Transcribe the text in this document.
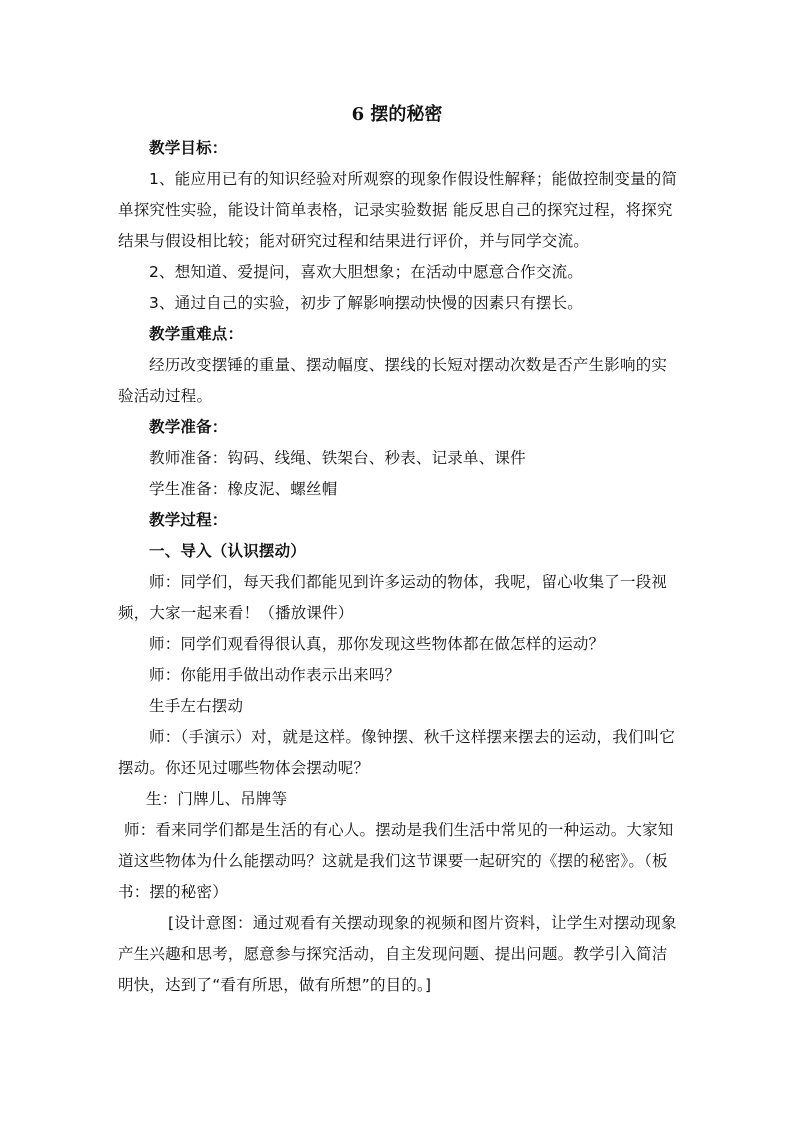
6 摆的秘密

教学目标：

1、能应用已有的知识经验对所观察的现象作假设性解释；能做控制变量的简单探究性实验，能设计简单表格，记录实验数据 能反思自己的探究过程，将探究结果与假设相比较；能对研究过程和结果进行评价，并与同学交流。

2、想知道、爱提问，喜欢大胆想象；在活动中愿意合作交流。

3、通过自己的实验，初步了解影响摆动快慢的因素只有摆长。

教学重难点：

经历改变摆锤的重量、摆动幅度、摆线的长短对摆动次数是否产生影响的实验活动过程。

教学准备：

教师准备：钩码、线绳、铁架台、秒表、记录单、课件

学生准备：橡皮泥、螺丝帽

教学过程：

一、导入（认识摆动）

师：同学们，每天我们都能见到许多运动的物体，我呢，留心收集了一段视频，大家一起来看！（播放课件）

师：同学们观看得很认真，那你发现这些物体都在做怎样的运动？

师：你能用手做出动作表示出来吗？

生手左右摆动

师：（手演示）对，就是这样。像钟摆、秋千这样摆来摆去的运动，我们叫它摆动。你还见过哪些物体会摆动呢？

生：门牌儿、吊牌等

师：看来同学们都是生活的有心人。摆动是我们生活中常见的一种运动。大家知道这些物体为什么能摆动吗？这就是我们这节课要一起研究的《摆的秘密》。（板书：摆的秘密）

[设计意图：通过观看有关摆动现象的视频和图片资料，让学生对摆动现象产生兴趣和思考，愿意参与探究活动，自主发现问题、提出问题。教学引入简洁明快，达到了“看有所思，做有所想”的目的。]
